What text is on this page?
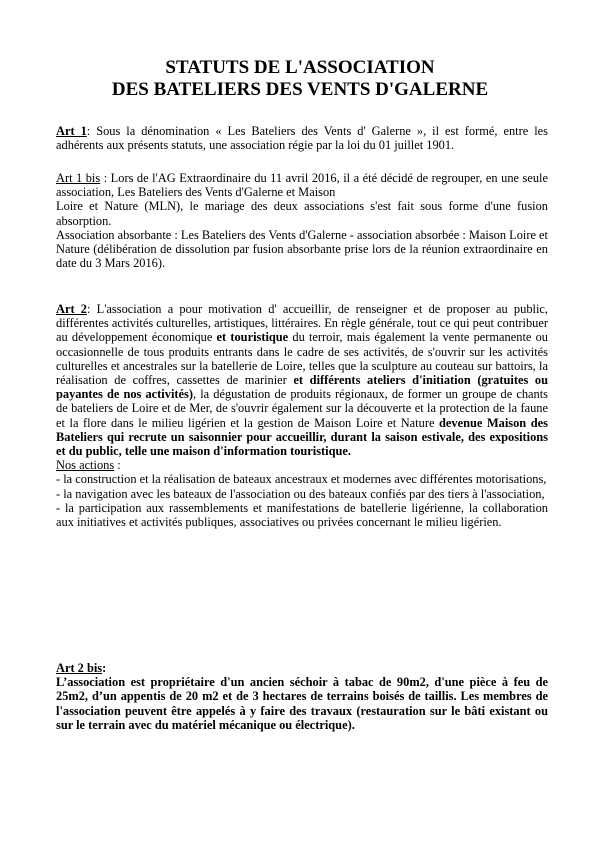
STATUTS DE L'ASSOCIATION
DES BATELIERS DES VENTS D'GALERNE

Art 1: Sous la dénomination « Les Bateliers des Vents d' Galerne », il est formé, entre les adhérents aux présents statuts, une association régie par la loi du 01 juillet 1901.

Art 1 bis : Lors de l'AG Extraordinaire du 11 avril 2016, il a été décidé de regrouper, en une seule association, Les Bateliers des Vents d'Galerne et Maison

Loire et Nature (MLN), le mariage des deux associations s'est fait sous forme d'une fusion absorption.

Association absorbante : Les Bateliers des Vents d'Galerne - association absorbée : Maison Loire et Nature (délibération de dissolution par fusion absorbante prise lors de la réunion extraordinaire en date du 3 Mars 2016).

Art 2: L'association a pour motivation d' accueillir, de renseigner et de proposer au public, différentes activités culturelles, artistiques, littéraires. En règle générale, tout ce qui peut contribuer au développement économique et touristique du terroir, mais également la vente permanente ou occasionnelle de tous produits entrants dans le cadre de ses activités, de s'ouvrir sur les activités culturelles et ancestrales sur la batellerie de Loire, telles que la sculpture au couteau sur battoirs, la réalisation de coffres, cassettes de marinier et différents ateliers d'initiation (gratuites ou payantes de nos activités), la dégustation de produits régionaux, de former un groupe de chants de bateliers de Loire et de Mer, de s'ouvrir également sur la découverte et la protection de la faune et la flore dans le milieu ligérien et la gestion de Maison Loire et Nature devenue Maison des Bateliers qui recrute un saisonnier pour accueillir, durant la saison estivale, des expositions et du public, telle une maison d'information touristique.

Nos actions :

- la construction et la réalisation de bateaux ancestraux et modernes avec différentes motorisations,

- la navigation avec les bateaux de l'association ou des bateaux confiés par des tiers à l'association,

- la participation aux rassemblements et manifestations de batellerie ligérienne, la collaboration aux initiatives et activités publiques, associatives ou privées concernant le milieu ligérien.

Art 2 bis:

L’association est propriétaire d'un ancien séchoir à tabac de 90m2, d'une pièce à feu de 25m2, d’un appentis de 20 m2 et de 3 hectares de terrains boisés de taillis. Les membres de l'association peuvent être appelés à y faire des travaux (restauration sur le bâti existant ou sur le terrain avec du matériel mécanique ou électrique).
